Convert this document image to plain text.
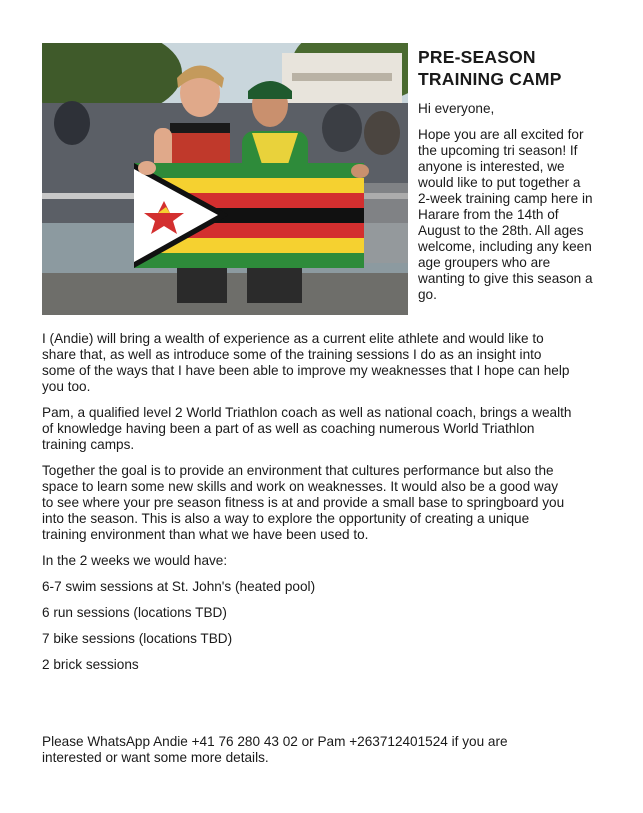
PRE-SEASON
TRAINING CAMP

Hi everyone,

Hope you are all excited for
the upcoming tri season! If
anyone is interested, we
would like to put together a
2-week training camp here in
Harare from the 14th of
August to the 28th. All ages
welcome, including any keen
age groupers who are
wanting to give this season a
go.

I (Andie) will bring a wealth of experience as a current elite athlete and would like to
share that, as well as introduce some of the training sessions I do as an insight into
some of the ways that I have been able to improve my weaknesses that I hope can help
you too.

Pam, a qualified level 2 World Triathlon coach as well as national coach, brings a wealth
of knowledge having been a part of as well as coaching numerous World Triathlon
training camps.

Together the goal is to provide an environment that cultures performance but also the
space to learn some new skills and work on weaknesses. It would also be a good way
to see where your pre season fitness is at and provide a small base to springboard you
into the season. This is also a way to explore the opportunity of creating a unique
training environment than what we have been used to.

In the 2 weeks we would have:

6-7 swim sessions at St. John's (heated pool)

6 run sessions (locations TBD)

7 bike sessions (locations TBD)

2 brick sessions

Please WhatsApp Andie +41 76 280 43 02 or Pam +263712401524 if you are
interested or want some more details.
